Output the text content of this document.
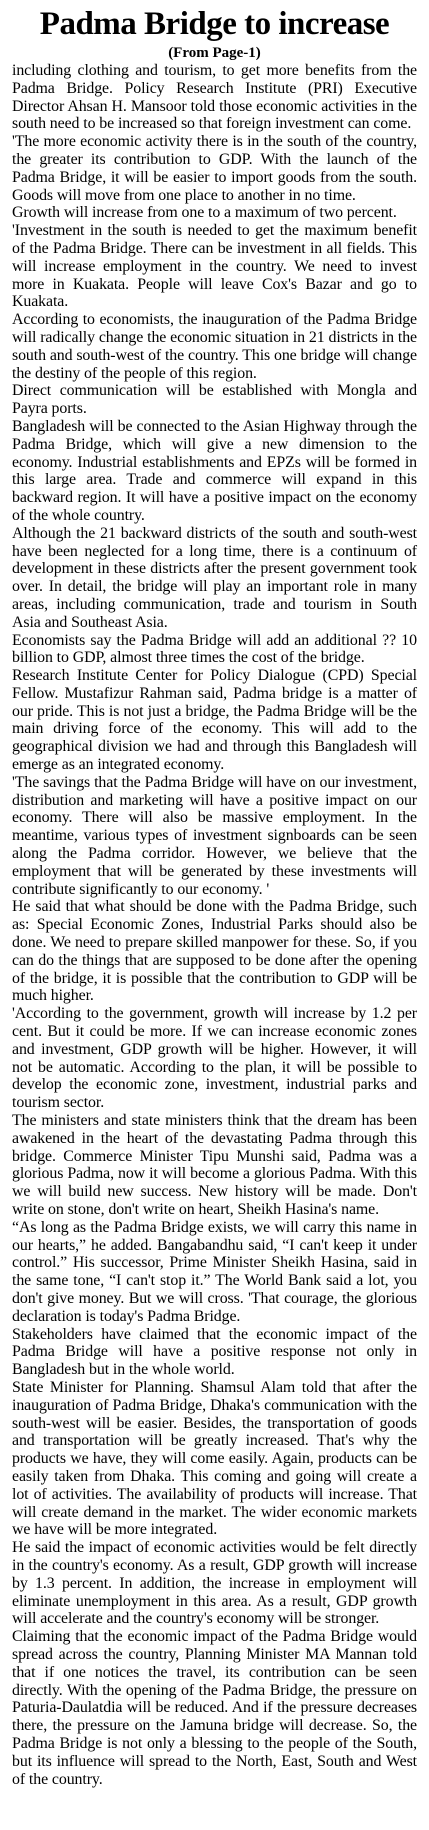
Padma Bridge to increase
(From Page-1)

including clothing and tourism, to get more benefits from the Padma Bridge. Policy Research Institute (PRI) Executive Director Ahsan H. Mansoor told those economic activities in the south need to be increased so that foreign investment can come.

'The more economic activity there is in the south of the country, the greater its contribution to GDP. With the launch of the Padma Bridge, it will be easier to import goods from the south. Goods will move from one place to another in no time.

Growth will increase from one to a maximum of two percent.

'Investment in the south is needed to get the maximum benefit of the Padma Bridge. There can be investment in all fields. This will increase employment in the country. We need to invest more in Kuakata. People will leave Cox's Bazar and go to Kuakata.

According to economists, the inauguration of the Padma Bridge will radically change the economic situation in 21 districts in the south and south-west of the country. This one bridge will change the destiny of the people of this region.

Direct communication will be established with Mongla and Payra ports.

Bangladesh will be connected to the Asian Highway through the Padma Bridge, which will give a new dimension to the economy. Industrial establishments and EPZs will be formed in this large area. Trade and commerce will expand in this backward region. It will have a positive impact on the economy of the whole country.

Although the 21 backward districts of the south and south-west have been neglected for a long time, there is a continuum of development in these districts after the present government took over. In detail, the bridge will play an important role in many areas, including communication, trade and tourism in South Asia and Southeast Asia.

Economists say the Padma Bridge will add an additional ?? 10 billion to GDP, almost three times the cost of the bridge.

Research Institute Center for Policy Dialogue (CPD) Special Fellow. Mustafizur Rahman said, Padma bridge is a matter of our pride. This is not just a bridge, the Padma Bridge will be the main driving force of the economy. This will add to the geographical division we had and through this Bangladesh will emerge as an integrated economy.

'The savings that the Padma Bridge will have on our investment, distribution and marketing will have a positive impact on our economy. There will also be massive employment. In the meantime, various types of investment signboards can be seen along the Padma corridor. However, we believe that the employment that will be generated by these investments will contribute significantly to our economy. '

He said that what should be done with the Padma Bridge, such as: Special Economic Zones, Industrial Parks should also be done. We need to prepare skilled manpower for these. So, if you can do the things that are supposed to be done after the opening of the bridge, it is possible that the contribution to GDP will be much higher.

'According to the government, growth will increase by 1.2 per cent. But it could be more. If we can increase economic zones and investment, GDP growth will be higher. However, it will not be automatic. According to the plan, it will be possible to develop the economic zone, investment, industrial parks and tourism sector.

The ministers and state ministers think that the dream has been awakened in the heart of the devastating Padma through this bridge. Commerce Minister Tipu Munshi said, Padma was a glorious Padma, now it will become a glorious Padma. With this we will build new success. New history will be made. Don't write on stone, don't write on heart, Sheikh Hasina's name.

“As long as the Padma Bridge exists, we will carry this name in our hearts,” he added. Bangabandhu said, “I can't keep it under control.” His successor, Prime Minister Sheikh Hasina, said in the same tone, “I can't stop it.” The World Bank said a lot, you don't give money. But we will cross. 'That courage, the glorious declaration is today's Padma Bridge.

Stakeholders have claimed that the economic impact of the Padma Bridge will have a positive response not only in Bangladesh but in the whole world.

State Minister for Planning. Shamsul Alam told that after the inauguration of Padma Bridge, Dhaka's communication with the south-west will be easier. Besides, the transportation of goods and transportation will be greatly increased. That's why the products we have, they will come easily. Again, products can be easily taken from Dhaka. This coming and going will create a lot of activities. The availability of products will increase. That will create demand in the market. The wider economic markets we have will be more integrated.

He said the impact of economic activities would be felt directly in the country's economy. As a result, GDP growth will increase by 1.3 percent. In addition, the increase in employment will eliminate unemployment in this area. As a result, GDP growth will accelerate and the country's economy will be stronger.

Claiming that the economic impact of the Padma Bridge would spread across the country, Planning Minister MA Mannan told that if one notices the travel, its contribution can be seen directly. With the opening of the Padma Bridge, the pressure on Paturia-Daulatdia will be reduced. And if the pressure decreases there, the pressure on the Jamuna bridge will decrease. So, the Padma Bridge is not only a blessing to the people of the South, but its influence will spread to the North, East, South and West of the country.
